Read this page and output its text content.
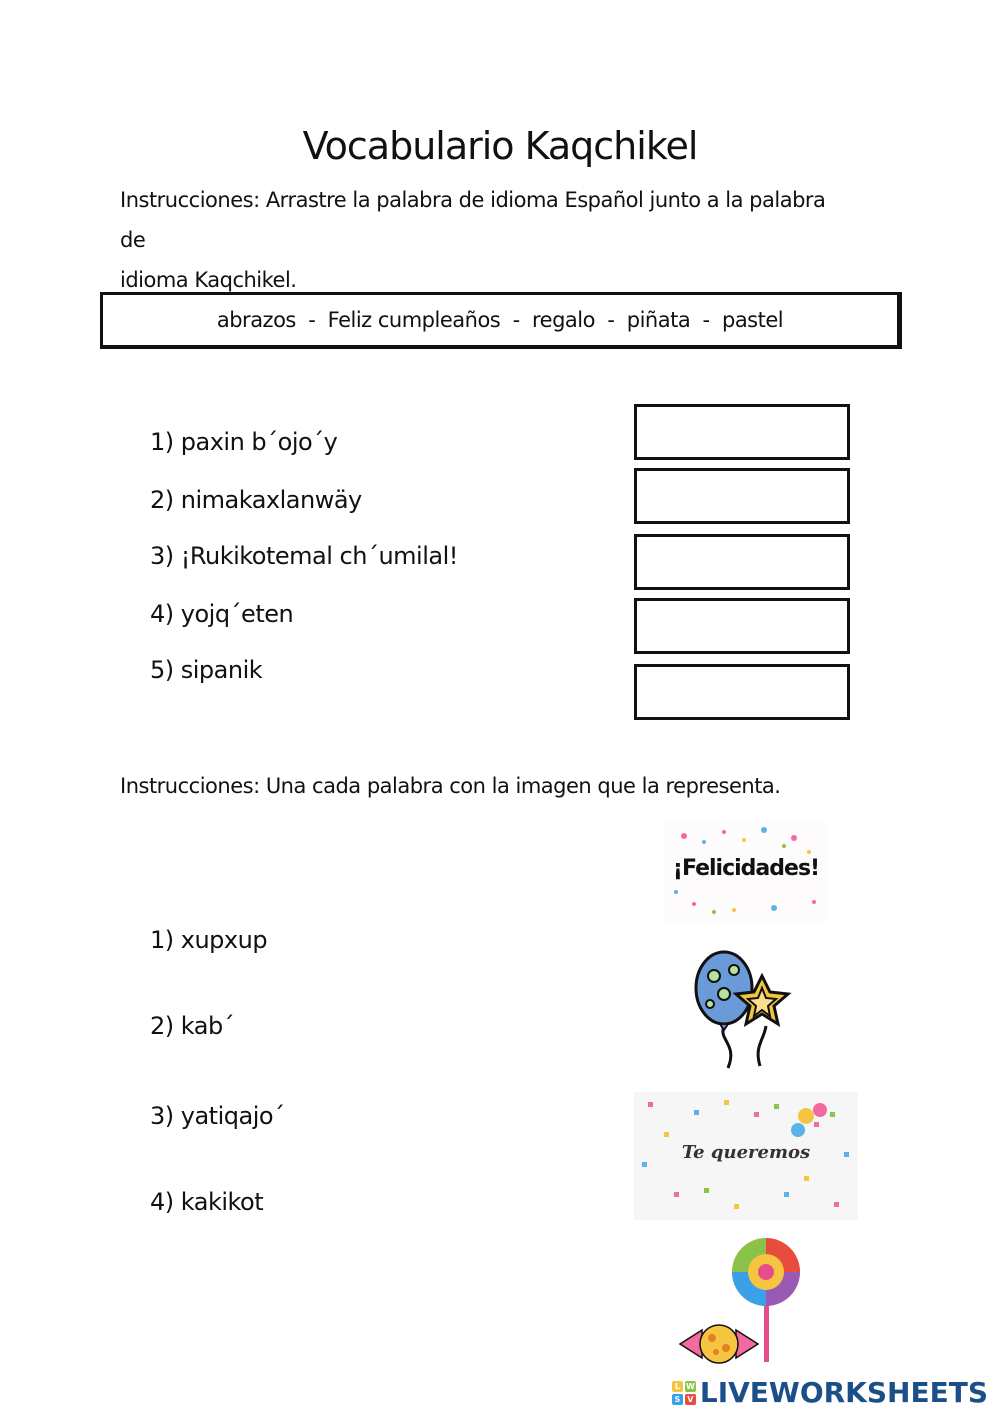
Vocabulario Kaqchikel
Instrucciones: Arrastre la palabra de idioma Español junto a la palabra de
idioma Kaqchikel.
abrazos  -  Feliz cumpleaños  -  regalo  -  piñata  -  pastel
1) paxin b´ojo´y
2) nimakaxlanwäy
3) ¡Rukikotemal ch´umilal!
4) yojq´eten
5) sipanik
Instrucciones: Una cada palabra con la imagen que la representa.
1) xupxup
2) kab´
3) yatiqajo´
4) kakikot
¡Felicidades!
Te queremos
L W
S V LIVEWORKSHEETS
